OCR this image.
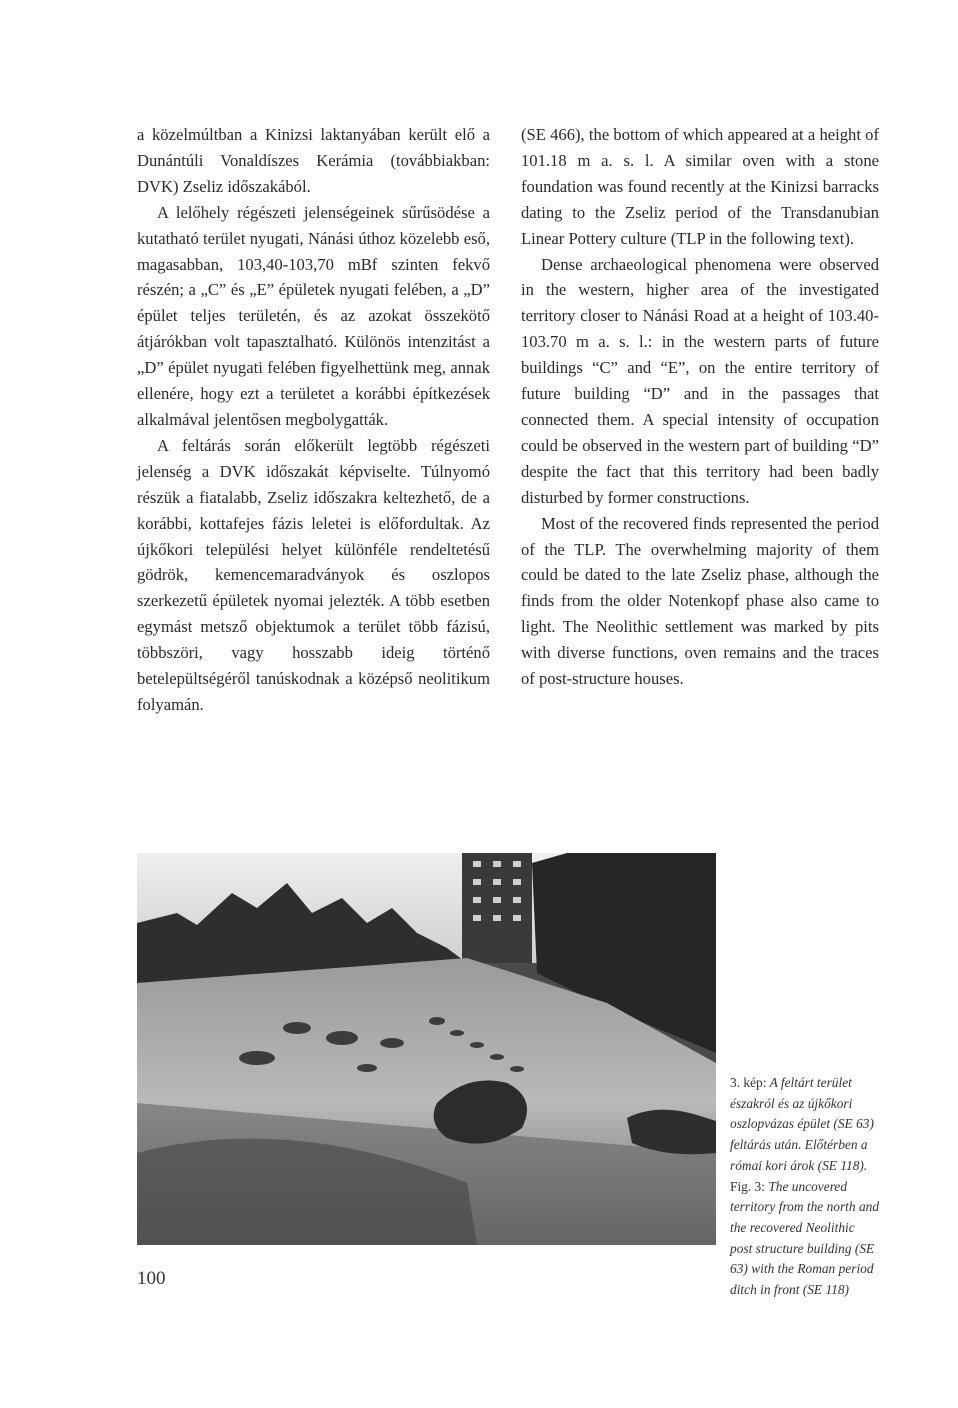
a közelmúltban a Kinizsi laktanyában került elő a Dunántúli Vonaldíszes Kerámia (továbbiakban: DVK) Zseliz időszakából.

A lelőhely régészeti jelenségeinek sűrűsödése a kutatható terület nyugati, Nánási úthoz közelebb eső, magasabban, 103,40-103,70 mBf szinten fekvő részén; a „C” és „E” épületek nyugati felében, a „D” épület teljes területén, és az azokat összekötő átjárókban volt tapasztalható. Különös intenzitást a „D” épület nyugati felében figyelhettünk meg, annak ellenére, hogy ezt a területet a korábbi építkezések alkalmával jelentősen megbolygatták.

A feltárás során előkerült legtöbb régészeti jelenség a DVK időszakát képviselte. Túlnyomó részük a fiatalabb, Zseliz időszakra keltezhető, de a korábbi, kottafejes fázis leletei is előfordultak. Az újkőkori települési helyet különféle rendeltetésű gödrök, kemencemaradványok és oszlopos szerkezetű épületek nyomai jelezték. A több esetben egymást metsző objektumok a terület több fázisú, többszöri, vagy hosszabb ideig történő betelepültségéről tanúskodnak a középső neolitikum folyamán.

(SE 466), the bottom of which appeared at a height of 101.18 m a. s. l. A similar oven with a stone foundation was found recently at the Kinizsi barracks dating to the Zseliz period of the Transdanubian Linear Pottery culture (TLP in the following text).

Dense archaeological phenomena were observed in the western, higher area of the investigated territory closer to Nánási Road at a height of 103.40-103.70 m a. s. l.: in the western parts of future buildings “C” and “E”, on the entire territory of future building “D” and in the passages that connected them. A special intensity of occupation could be observed in the western part of building “D” despite the fact that this territory had been badly disturbed by former constructions.

Most of the recovered finds represented the period of the TLP. The overwhelming majority of them could be dated to the late Zseliz phase, although the finds from the older Notenkopf phase also came to light. The Neolithic settlement was marked by pits with diverse functions, oven remains and the traces of post-structure houses.

3. kép: A feltárt terület északról és az újkőkori oszlopvázas épület (SE 63) feltárás után. Előtérben a római kori árok (SE 118).
Fig. 3: The uncovered territory from the north and the recovered Neolithic post structure building (SE 63) with the Roman period ditch in front (SE 118)
100
